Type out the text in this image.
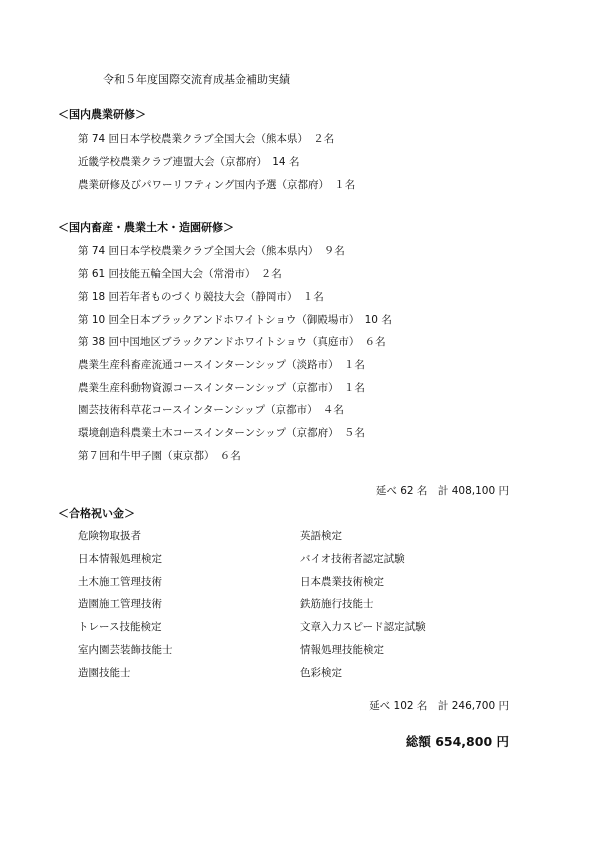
令和５年度国際交流育成基金補助実績
＜国内農業研修＞
第 74 回日本学校農業クラブ全国大会（熊本県）　２名
近畿学校農業クラブ連盟大会（京都府）　14 名
農業研修及びパワーリフティング国内予選（京都府）　１名
＜国内畜産・農業土木・造園研修＞
第 74 回日本学校農業クラブ全国大会（熊本県内）　９名
第 61 回技能五輪全国大会（常滑市）　２名
第 18 回若年者ものづくり競技大会（静岡市）　１名
第 10 回全日本ブラックアンドホワイトショウ（御殿場市）　10 名
第 38 回中国地区ブラックアンドホワイトショウ（真庭市）　６名
農業生産科畜産流通コースインターンシップ（淡路市）　１名
農業生産科動物資源コースインターンシップ（京都市）　１名
園芸技術科草花コースインターンシップ（京都市）　４名
環境創造科農業土木コースインターンシップ（京都府）　５名
第７回和牛甲子園（東京都）　６名
延べ 62 名　計 408,100 円
＜合格祝い金＞
危険物取扱者
日本情報処理検定
土木施工管理技術
造園施工管理技術
トレース技能検定
室内園芸装飾技能士
造園技能士
英語検定
バイオ技術者認定試験
日本農業技術検定
鉄筋施行技能士
文章入力スピード認定試験
情報処理技能検定
色彩検定
延べ 102 名　計 246,700 円
総額 654,800 円
